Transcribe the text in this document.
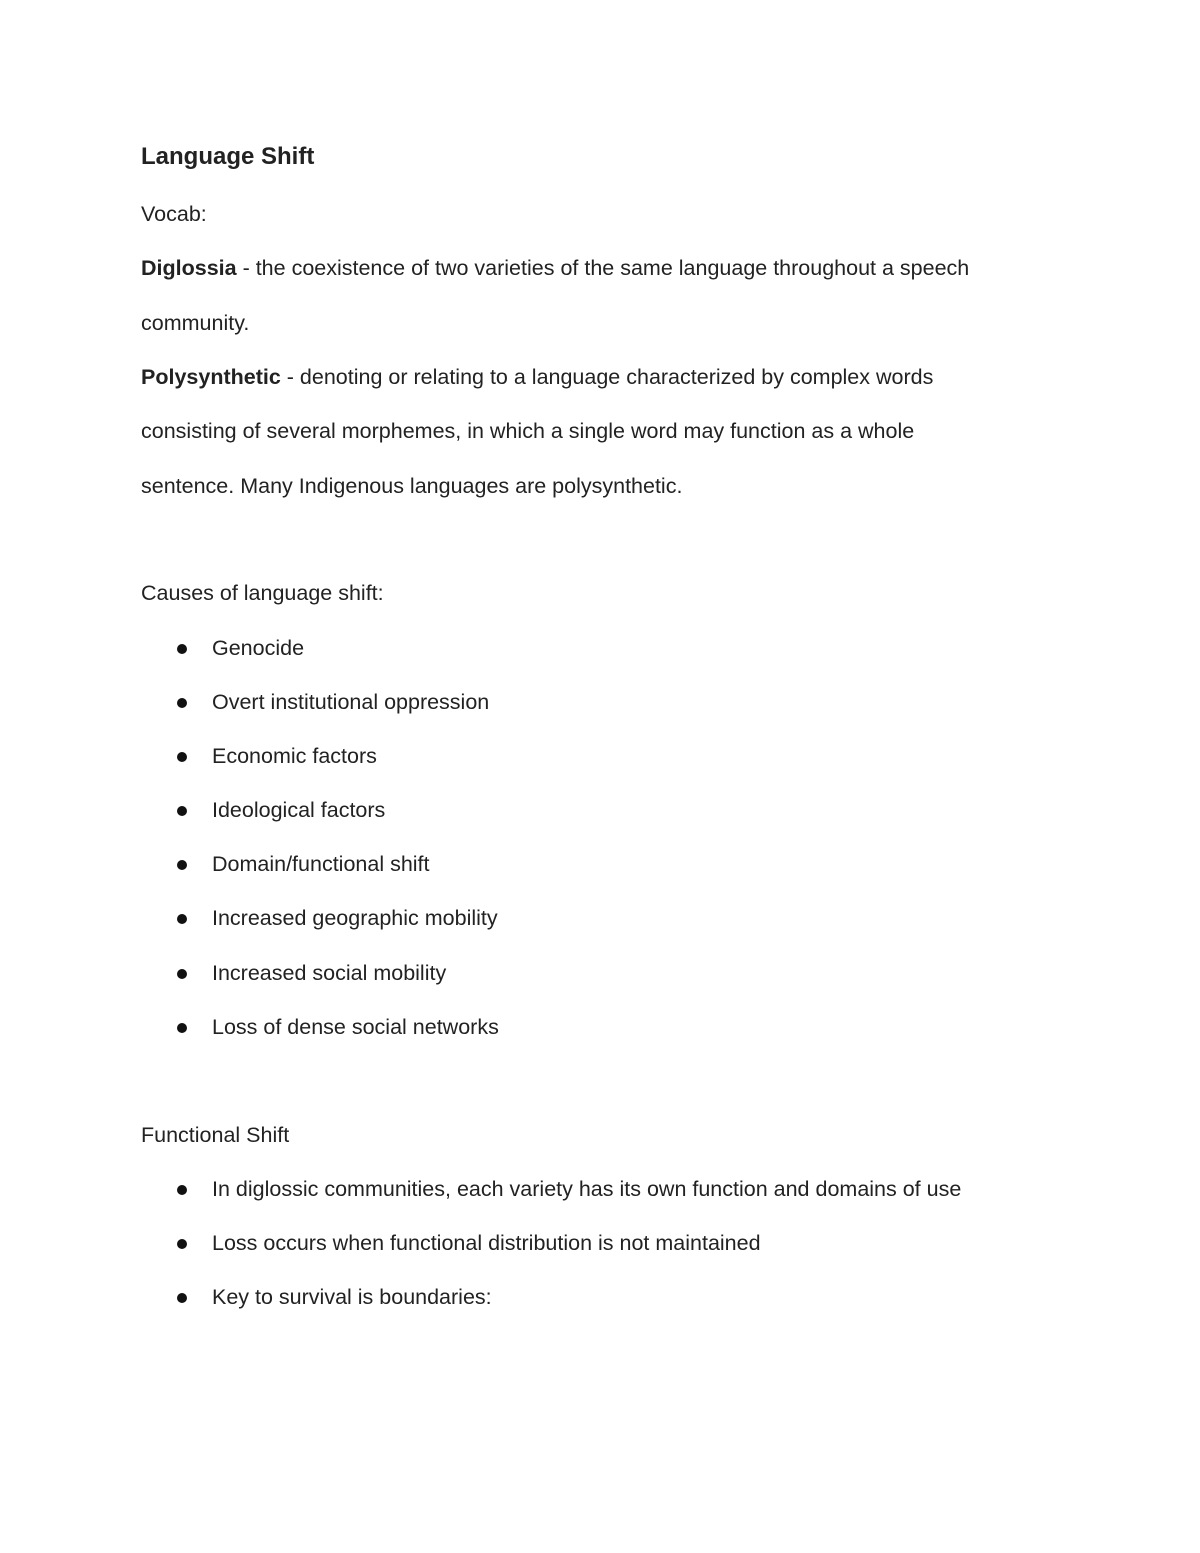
Language Shift
Vocab:
Diglossia - the coexistence of two varieties of the same language throughout a speech
community.
Polysynthetic - denoting or relating to a language characterized by complex words
consisting of several morphemes, in which a single word may function as a whole
sentence. Many Indigenous languages are polysynthetic.
Causes of language shift:
Genocide
Overt institutional oppression
Economic factors
Ideological factors
Domain/functional shift
Increased geographic mobility
Increased social mobility
Loss of dense social networks
Functional Shift
In diglossic communities, each variety has its own function and domains of use
Loss occurs when functional distribution is not maintained
Key to survival is boundaries:
